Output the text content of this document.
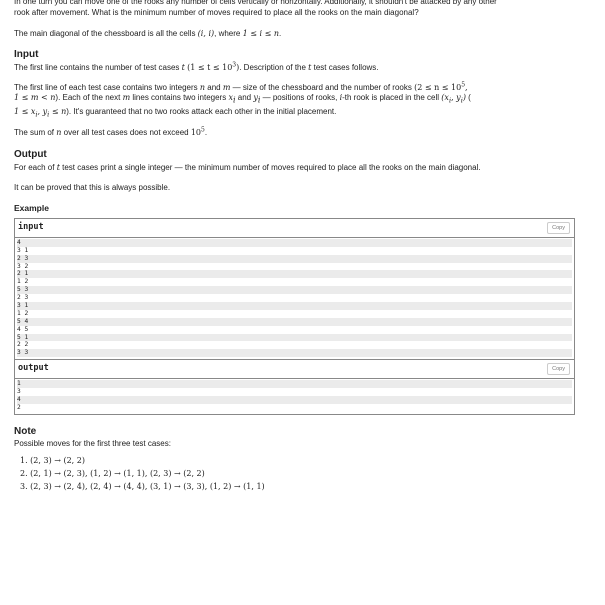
In one turn you can move one of the rooks any number of cells vertically or horizontally. Additionally, it shouldn't be attacked by any other

rook after movement. What is the minimum number of moves required to place all the rooks on the main diagonal?

The main diagonal of the chessboard is all the cells (i, i), where 1 ≤ i ≤ n.

Input

The first line contains the number of test cases t $(1 \le t \le 10^3)$. Description of the t test cases follows.

The first line of each test case contains two integers n and m — size of the chessboard and the number of rooks ($2 \le n \le 10^5$,

1 ≤ m < n). Each of the next m lines contains two integers $x_i$ and $y_i$ — positions of rooks, i-th rook is placed in the cell ($x_i$, $y_i$) (

$1 \le x_i$, $y_i \le n$). It's guaranteed that no two rooks attack each other in the initial placement.

The sum of n over all test cases does not exceed $10^5$.

Output

For each of t test cases print a single integer — the minimum number of moves required to place all the rooks on the main diagonal.

It can be proved that this is always possible.

Example
input	Copy
4
3 1
2 3
3 2
2 1
1 2
5 3
2 3
3 1
1 2
5 4
4 5
5 1
2 2
3 3
output	Copy
1
3
4
2
Note

Possible moves for the first three test cases:

1. (2, 3) → (2, 2)
2. (2, 1) → (2, 3), (1, 2) → (1, 1), (2, 3) → (2, 2)
3. (2, 3) → (2, 4), (2, 4) → (4, 4), (3, 1) → (3, 3), (1, 2) → (1, 1)
